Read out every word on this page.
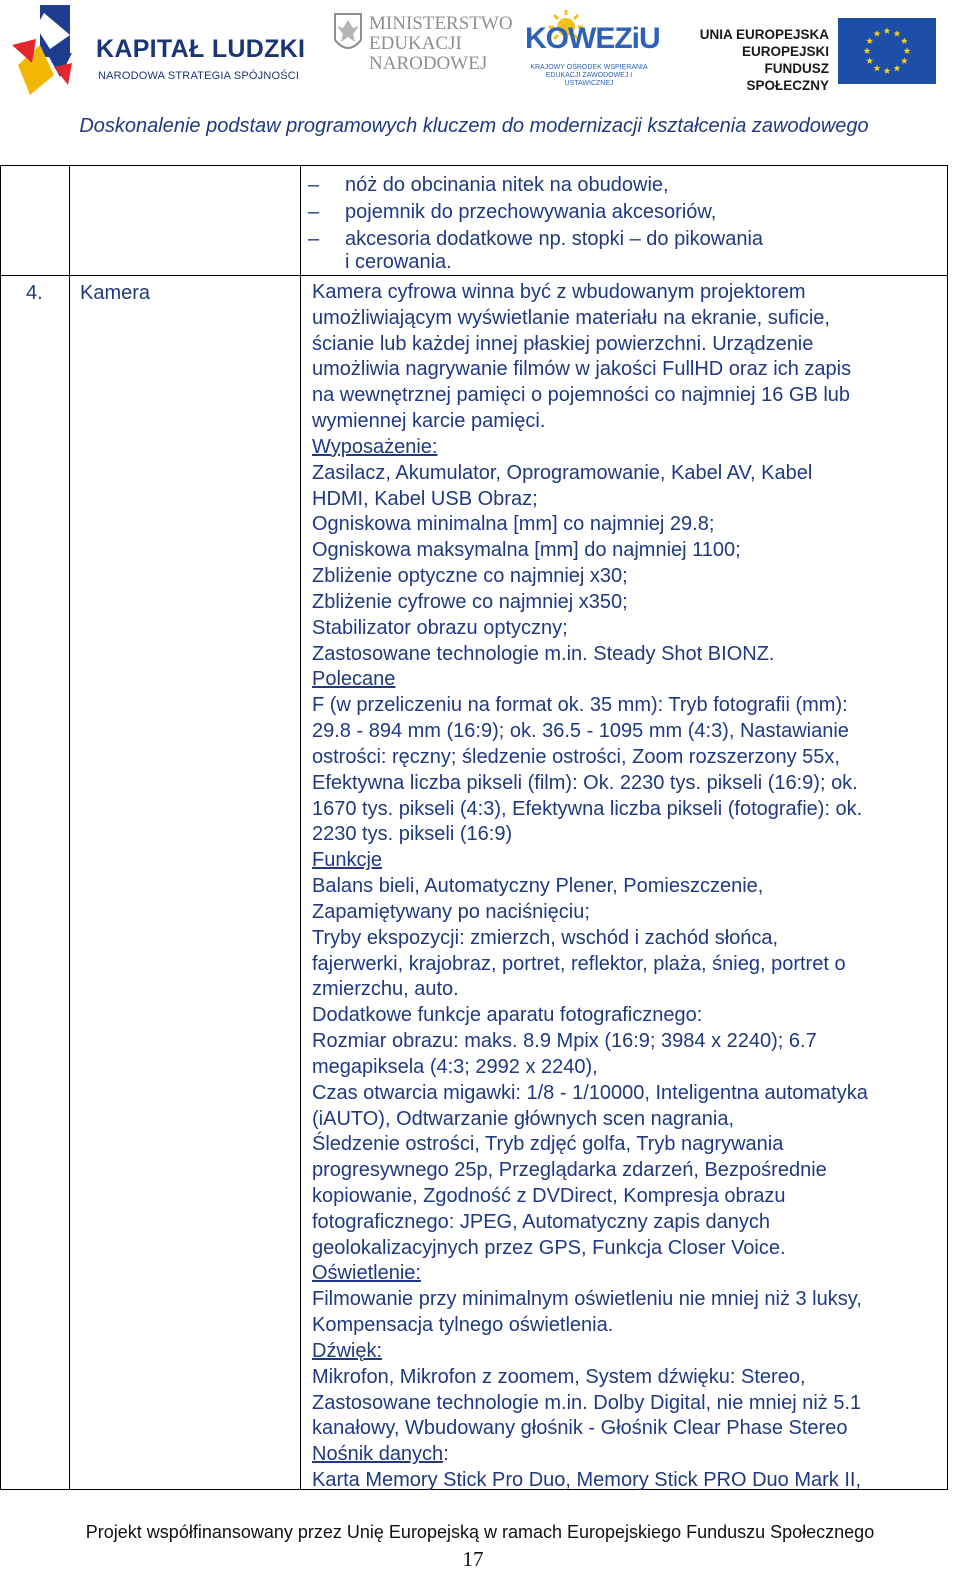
KAPITAŁ LUDZKI
NARODOWA STRATEGIA SPÓJNOŚCI
MINISTERSTWO
EDUKACJI
NARODOWEJ
KOWEZiU
KRAJOWY OŚRODEK WSPIERANIA
EDUKACJI ZAWODOWEJ I USTAWICZNEJ
UNIA EUROPEJSKA
EUROPEJSKI
FUNDUSZ SPOŁECZNY
Doskonalenie podstaw programowych kluczem do modernizacji kształcenia zawodowego
– nóż do obcinania nitek na obudowie,
– pojemnik do przechowywania akcesoriów,
– akcesoria dodatkowe np. stopki – do pikowania
i cerowania.
4. Kamera	Kamera cyfrowa winna być z wbudowanym projektorem
umożliwiającym wyświetlanie materiału na ekranie, suficie,
ścianie lub każdej innej płaskiej powierzchni. Urządzenie
umożliwia nagrywanie filmów w jakości FullHD oraz ich zapis
na wewnętrznej pamięci o pojemności co najmniej 16 GB lub
wymiennej karcie pamięci.
Wyposażenie:
Zasilacz, Akumulator, Oprogramowanie, Kabel AV, Kabel
HDMI, Kabel USB Obraz;
Ogniskowa minimalna [mm] co najmniej 29.8;
Ogniskowa maksymalna [mm] do najmniej 1100;
Zbliżenie optyczne co najmniej x30;
Zbliżenie cyfrowe co najmniej x350;
Stabilizator obrazu optyczny;
Zastosowane technologie m.in. Steady Shot BIONZ.
Polecane
F (w przeliczeniu na format ok. 35 mm): Tryb fotografii (mm):
29.8 - 894 mm (16:9); ok. 36.5 - 1095 mm (4:3), Nastawianie
ostrości: ręczny; śledzenie ostrości, Zoom rozszerzony 55x,
Efektywna liczba pikseli (film): Ok. 2230 tys. pikseli (16:9); ok.
1670 tys. pikseli (4:3), Efektywna liczba pikseli (fotografie): ok.
2230 tys. pikseli (16:9)
Funkcje
Balans bieli, Automatyczny Plener, Pomieszczenie,
Zapamiętywany po naciśnięciu;
Tryby ekspozycji: zmierzch, wschód i zachód słońca,
fajerwerki, krajobraz, portret, reflektor, plaża, śnieg, portret o
zmierzchu, auto.
Dodatkowe funkcje aparatu fotograficznego:
Rozmiar obrazu: maks. 8.9 Mpix (16:9; 3984 x 2240); 6.7
megapiksela (4:3; 2992 x 2240),
Czas otwarcia migawki: 1/8 - 1/10000, Inteligentna automatyka
(iAUTO), Odtwarzanie głównych scen nagrania,
Śledzenie ostrości, Tryb zdjęć golfa, Tryb nagrywania
progresywnego 25p, Przeglądarka zdarzeń, Bezpośrednie
kopiowanie, Zgodność z DVDirect, Kompresja obrazu
fotograficznego: JPEG, Automatyczny zapis danych
geolokalizacyjnych przez GPS, Funkcja Closer Voice.
Oświetlenie:
Filmowanie przy minimalnym oświetleniu nie mniej niż 3 luksy,
Kompensacja tylnego oświetlenia.
Dźwięk:
Mikrofon, Mikrofon z zoomem, System dźwięku: Stereo,
Zastosowane technologie m.in. Dolby Digital, nie mniej niż 5.1
kanałowy, Wbudowany głośnik - Głośnik Clear Phase Stereo
Nośnik danych:
Karta Memory Stick Pro Duo, Memory Stick PRO Duo Mark II,
Projekt współfinansowany przez Unię Europejską w ramach Europejskiego Funduszu Społecznego
17
